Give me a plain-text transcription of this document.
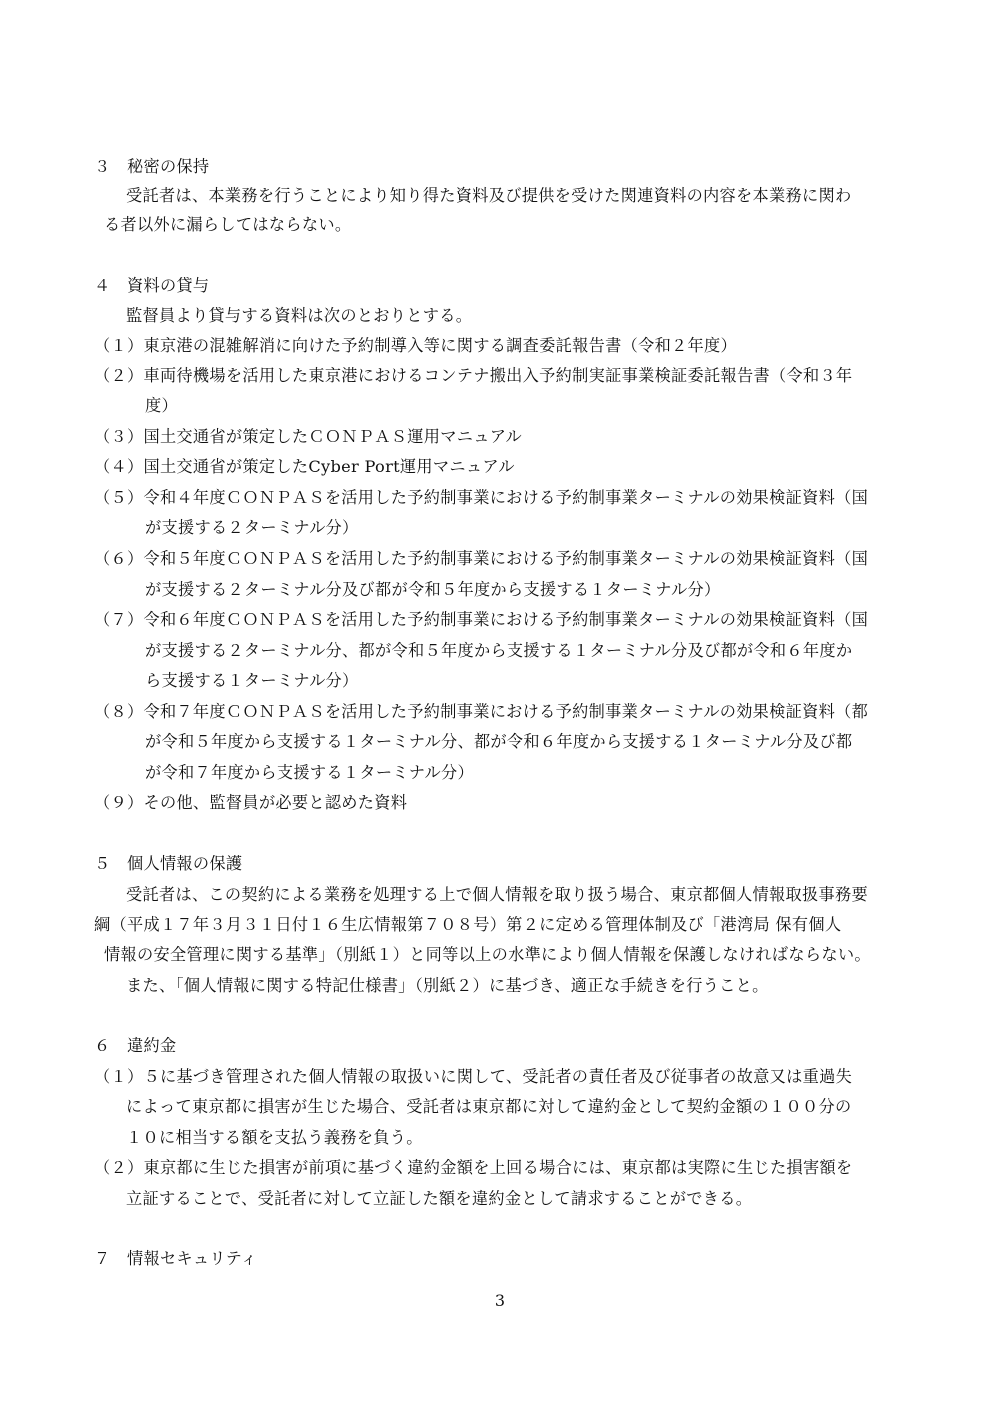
３　秘密の保持
受託者は、本業務を行うことにより知り得た資料及び提供を受けた関連資料の内容を本業務に関わ
る者以外に漏らしてはならない。
４　資料の貸与
監督員より貸与する資料は次のとおりとする。
（１）東京港の混雑解消に向けた予約制導入等に関する調査委託報告書（令和２年度）
（２）車両待機場を活用した東京港におけるコンテナ搬出入予約制実証事業検証委託報告書（令和３年
度）
（３）国土交通省が策定したＣＯＮＰＡＳ運用マニュアル
（４）国土交通省が策定したCyber Port運用マニュアル
（５）令和４年度ＣＯＮＰＡＳを活用した予約制事業における予約制事業ターミナルの効果検証資料（国
が支援する２ターミナル分）
（６）令和５年度ＣＯＮＰＡＳを活用した予約制事業における予約制事業ターミナルの効果検証資料（国
が支援する２ターミナル分及び都が令和５年度から支援する１ターミナル分）
（７）令和６年度ＣＯＮＰＡＳを活用した予約制事業における予約制事業ターミナルの効果検証資料（国
が支援する２ターミナル分、都が令和５年度から支援する１ターミナル分及び都が令和６年度か
ら支援する１ターミナル分）
（８）令和７年度ＣＯＮＰＡＳを活用した予約制事業における予約制事業ターミナルの効果検証資料（都
が令和５年度から支援する１ターミナル分、都が令和６年度から支援する１ターミナル分及び都
が令和７年度から支援する１ターミナル分）
（９）その他、監督員が必要と認めた資料
５　個人情報の保護
受託者は、この契約による業務を処理する上で個人情報を取り扱う場合、東京都個人情報取扱事務要
綱（平成１７年３月３１日付１６生広情報第７０８号）第２に定める管理体制及び「港湾局 保有個人
情報の安全管理に関する基準」（別紙１）と同等以上の水準により個人情報を保護しなければならない。
また、「個人情報に関する特記仕様書」（別紙２）に基づき、適正な手続きを行うこと。
６　違約金
（１）５に基づき管理された個人情報の取扱いに関して、受託者の責任者及び従事者の故意又は重過失
によって東京都に損害が生じた場合、受託者は東京都に対して違約金として契約金額の１００分の
１０に相当する額を支払う義務を負う。
（２）東京都に生じた損害が前項に基づく違約金額を上回る場合には、東京都は実際に生じた損害額を
立証することで、受託者に対して立証した額を違約金として請求することができる。
７　情報セキュリティ
3
